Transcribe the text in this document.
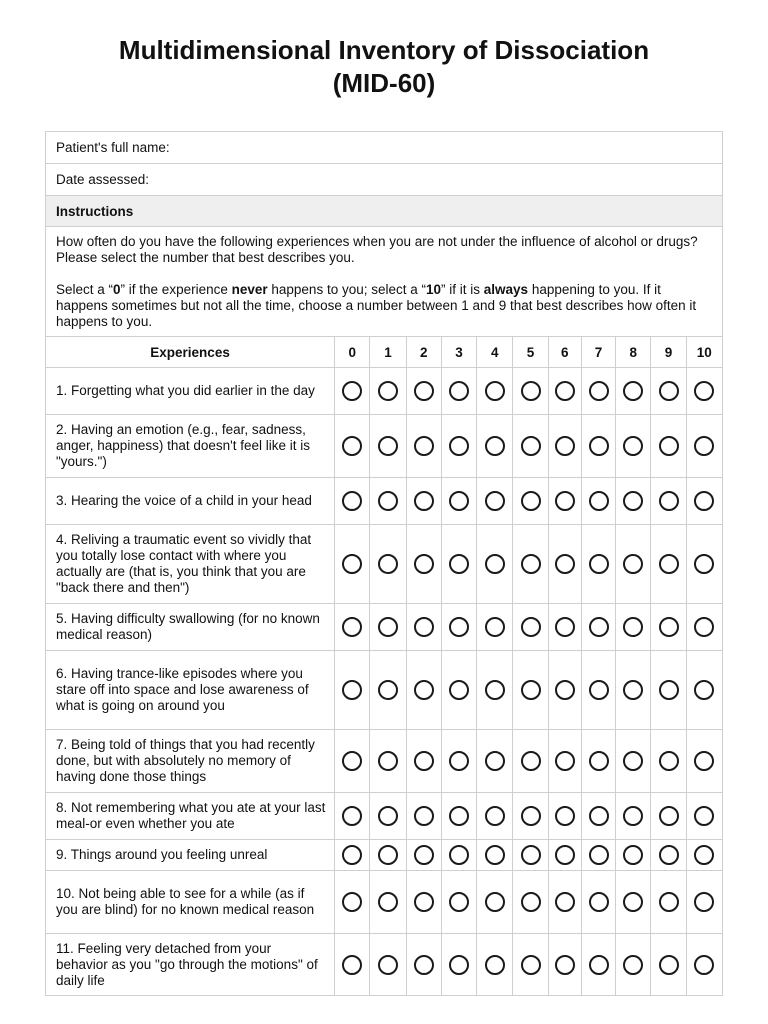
Multidimensional Inventory of Dissociation
(MID-60)
Patient's full name:											
Date assessed:											
Instructions											

How often do you have the following experiences when you are not under the influence of alcohol or drugs? Please select the number that best describes you.

Select a “0” if the experience never happens to you; select a “10” if it is always happening to you. If it happens sometimes but not all the time, choose a number between 1 and 9 that best describes how often it happens to you.											

Experiences	0	1	2	3	4	5	6	7	8	9	10
1. Forgetting what you did earlier in the day											
2. Having an emotion (e.g., fear, sadness, anger, happiness) that doesn't feel like it is "yours.")											
3. Hearing the voice of a child in your head											
4. Reliving a traumatic event so vividly that you totally lose contact with where you actually are (that is, you think that you are "back there and then")											
5. Having difficulty swallowing (for no known medical reason)											
6. Having trance-like episodes where you stare off into space and lose awareness of what is going on around you											
7. Being told of things that you had recently done, but with absolutely no memory of having done those things											
8. Not remembering what you ate at your last meal-or even whether you ate											
9. Things around you feeling unreal											
10. Not being able to see for a while (as if you are blind) for no known medical reason											
11. Feeling very detached from your behavior as you "go through the motions" of daily life											
